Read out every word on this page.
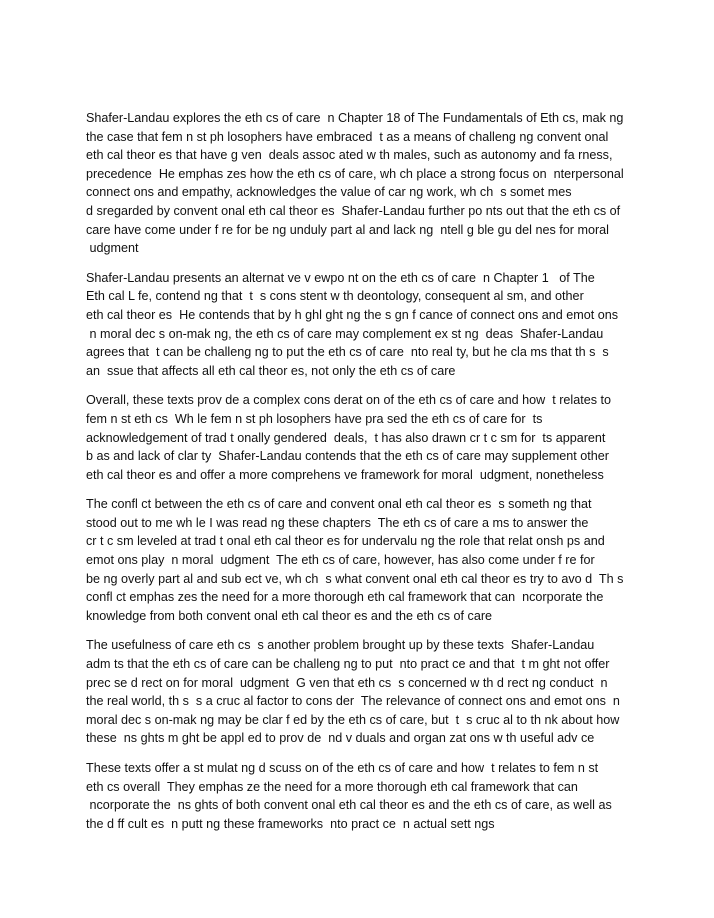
Shafer-Landau explores the eth cs of care  n Chapter 18 of The Fundamentals of Eth cs, mak ng
the case that fem n st ph losophers have embraced  t as a means of challeng ng convent onal
eth cal theor es that have g ven  deals assoc ated w th males, such as autonomy and fa rness,
precedence  He emphas zes how the eth cs of care, wh ch place a strong focus on  nterpersonal
connect ons and empathy, acknowledges the value of car ng work, wh ch  s somet mes
d sregarded by convent onal eth cal theor es  Shafer-Landau further po nts out that the eth cs of
care have come under f re for be ng unduly part al and lack ng  ntell g ble gu del nes for moral
udgment

Shafer-Landau presents an alternat ve v ewpo nt on the eth cs of care  n Chapter 1   of The
Eth cal L fe, contend ng that  t  s cons stent w th deontology, consequent al sm, and other
eth cal theor es  He contends that by h ghl ght ng the s gn f cance of connect ons and emot ons
n moral dec s on-mak ng, the eth cs of care may complement ex st ng  deas  Shafer-Landau
agrees that  t can be challeng ng to put the eth cs of care  nto real ty, but he cla ms that th s  s
an  ssue that affects all eth cal theor es, not only the eth cs of care

Overall, these texts prov de a complex cons derat on of the eth cs of care and how  t relates to
fem n st eth cs  Wh le fem n st ph losophers have pra sed the eth cs of care for  ts
acknowledgement of trad t onally gendered  deals,  t has also drawn cr t c sm for  ts apparent
b as and lack of clar ty  Shafer-Landau contends that the eth cs of care may supplement other
eth cal theor es and offer a more comprehens ve framework for moral  udgment, nonetheless

The confl ct between the eth cs of care and convent onal eth cal theor es  s someth ng that
stood out to me wh le I was read ng these chapters  The eth cs of care a ms to answer the
cr t c sm leveled at trad t onal eth cal theor es for undervalu ng the role that relat onsh ps and
emot ons play  n moral  udgment  The eth cs of care, however, has also come under f re for
be ng overly part al and sub ect ve, wh ch  s what convent onal eth cal theor es try to avo d  Th s
confl ct emphas zes the need for a more thorough eth cal framework that can  ncorporate the
knowledge from both convent onal eth cal theor es and the eth cs of care

The usefulness of care eth cs  s another problem brought up by these texts  Shafer-Landau
adm ts that the eth cs of care can be challeng ng to put  nto pract ce and that  t m ght not offer
prec se d rect on for moral  udgment  G ven that eth cs  s concerned w th d rect ng conduct  n
the real world, th s  s a cruc al factor to cons der  The relevance of connect ons and emot ons  n
moral dec s on-mak ng may be clar f ed by the eth cs of care, but  t  s cruc al to th nk about how
these  ns ghts m ght be appl ed to prov de  nd v duals and organ zat ons w th useful adv ce

These texts offer a st mulat ng d scuss on of the eth cs of care and how  t relates to fem n st
eth cs overall  They emphas ze the need for a more thorough eth cal framework that can
ncorporate the  ns ghts of both convent onal eth cal theor es and the eth cs of care, as well as
the d ff cult es  n putt ng these frameworks  nto pract ce  n actual sett ngs
